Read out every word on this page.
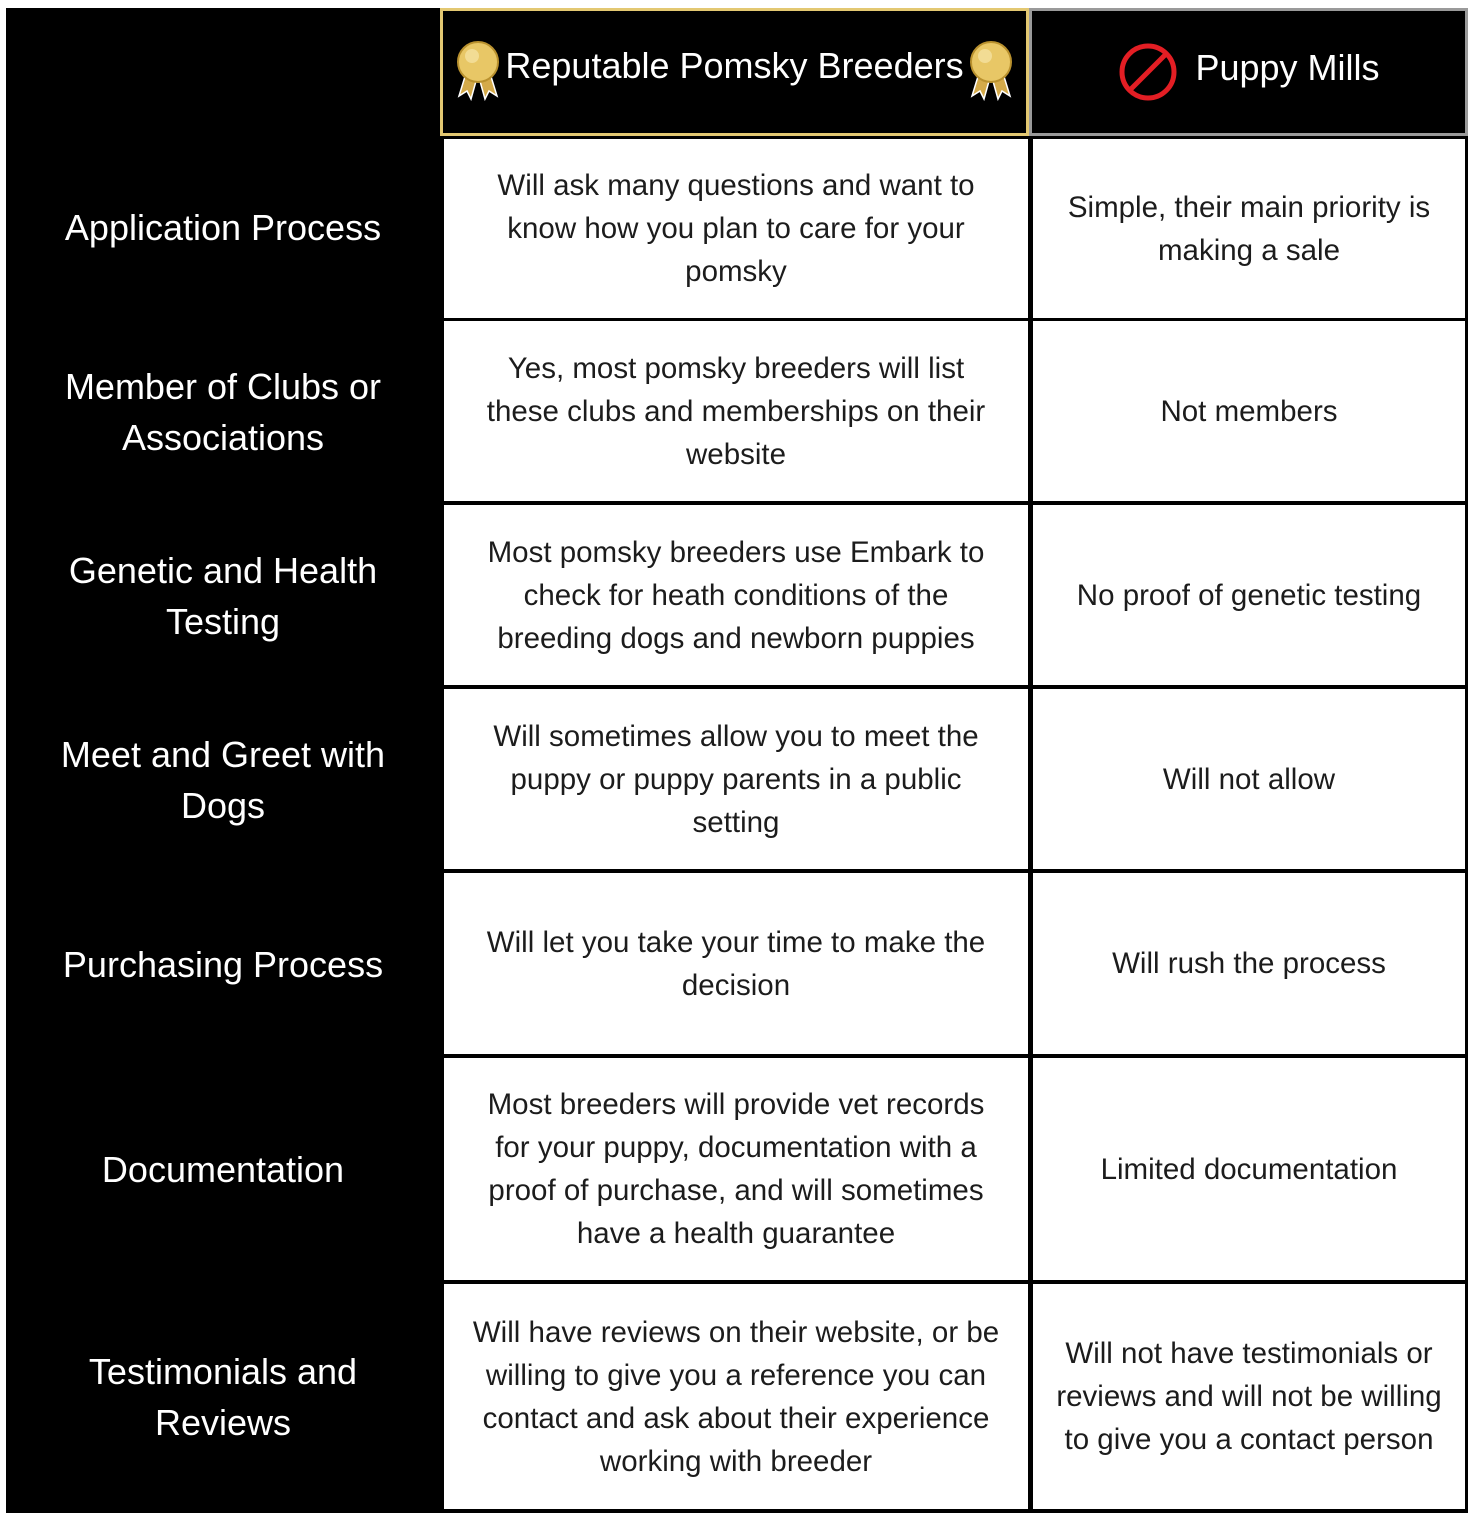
Reputable Pomsky Breeders	Puppy Mills
Application Process
Will ask many questions and want to know how you plan to care for your pomsky
Simple, their main priority is making a sale
Member of Clubs or Associations
Yes, most pomsky breeders will list these clubs and memberships on their website
Not members
Genetic and Health Testing
Most pomsky breeders use Embark to check for heath conditions of the breeding dogs and newborn puppies
No proof of genetic testing
Meet and Greet with Dogs
Will sometimes allow you to meet the puppy or puppy parents in a public setting
Will not allow
Purchasing Process
Will let you take your time to make the decision
Will rush the process
Documentation
Most breeders will provide vet records for your puppy, documentation with a proof of purchase, and will sometimes have a health guarantee
Limited documentation
Testimonials and Reviews
Will have reviews on their website, or be willing to give you a reference you can contact and ask about their experience working with breeder
Will not have testimonials or reviews and will not be willing to give you a contact person
